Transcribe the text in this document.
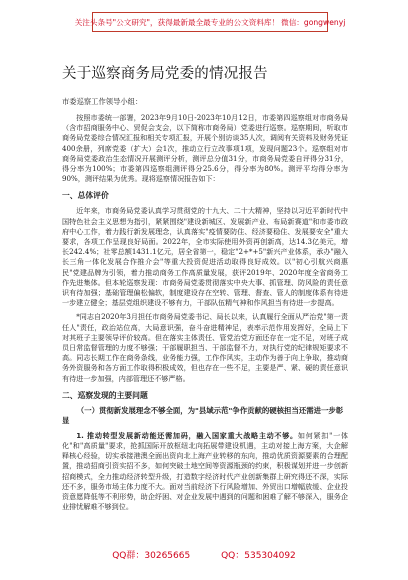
关注头条号"公文研究"，获得最新最全最专业的公文资料库！ 微信：gongwenyj
关于巡察商务局党委的情况报告
市委巡察工作领导小组：

按照市委统一部署，2023年9月10日-2023年10月12日，市委第四巡察组对市商务局（含市招商服务中心、贸促会支会，以下简称市商务局）党委进行巡察。巡察期间，听取市商务局党委综合情况汇报和相关专项汇报，开展个别访谈35人次，调阅有关资料及财务凭证400余册，列席党委（扩大）会1次，推动立行立改事项1项，发现问题23个。巡察组对市商务局党委政治生态情况开展测评分析，测评总分值31分，市商务局党委自评得分31分，得分率为100%；市委第四巡察组测评得分25.6分，得分率为80%。测评平均得分率为90%，测评结果为优秀。现将巡察情况报告如下：

一、总体评价

近年来，市商务局党委认真学习贯彻党的十九大、二十大精神，坚持以习近平新时代中国特色社会主义思想为指引，紧紧围绕"建设新城区、发展新产业、布局新赛道"和市委市政府中心工作，着力践行新发展理念，认真落实"疫情要防住、经济要稳住、发展要安全"重大要求，各项工作呈现良好局面。2022年，全市实际使用外资再创新高，达14.3亿美元，增长242.4%；社零总额1431.1亿元，居全省第一，稳定"2+*+5"新兴产业体系，承办"融入长三角一体化发展合作推介会"等重大投资促进活动取得良好成效。以"初心引航兴商惠民"党建品牌为引领，着力推动商务工作高质量发展，获评2019年、2020年度全省商务工作先进集体。但本轮巡察发现：市商务局党委贯彻落实中央大事、抓管理、防风险的责任意识有待加强；基础管理偏松偏软，制度建设存在空转、管理、督查、管人的制度体系有待进一步建立健全；基层党组织建设不够有力，干部队伍精气神和作风担当有待进一步提高。

*同志自2020年3月担任市商务局党委书记、局长以来，认真履行全面从严治党"第一责任人"责任，政治站位高，大局意识强，奋斗奋进精神足，表率示范作用发挥好，全局上下对其班子主要领导评价较高。但在落实主体责任、管党治党方面还存在一定不足，对班子成员日常监督管理的力度不够强；干部履职担当、干部监督不力，对执行党的纪律规矩要求不高。同志长期工作在商务条线，业务能力强，工作作风实，主动作为善于向上争取，推动商务外资服务和各方面工作取得积极成效，但也存在一些不足，主要是严、紧、硬的责任意识有待进一步加强，内部管理还不够严格。

二、巡察发现的主要问题
（一）贯彻新发展理念不够全面，为"县域示范"争作贡献的硬核担当还需进一步彰显

1. 推动转型发展新动能还需加码，融入国家重大战略主动不够。如何紧扣"一体化"和"高质量"要求，抢抓国际开放枢纽北向拓展带建设机遇，主动对接上海方案，大企解释核心经验，切实承接港澳全面出资向北上海产业转移的东向，推动优质资源要素的合理配置，推动招商引资实招不多，如何突破土地空间等资源瓶颈的约束，积极谋划并进一步创新招商模式，全力推动经济转型升级，打造数字经济时代产业创新集群上研究得还不深，实际还不多，服务市场主体力度不大。面对当前经济下行风险增加、外贸出口增幅放缓、企业投资意愿降低等不利形势，助企纾困、对企业发展中遇到的问题和困难了解不够深入，服务企业排忧解难不够到位。

QQ群：30265665	QQ：535304092
